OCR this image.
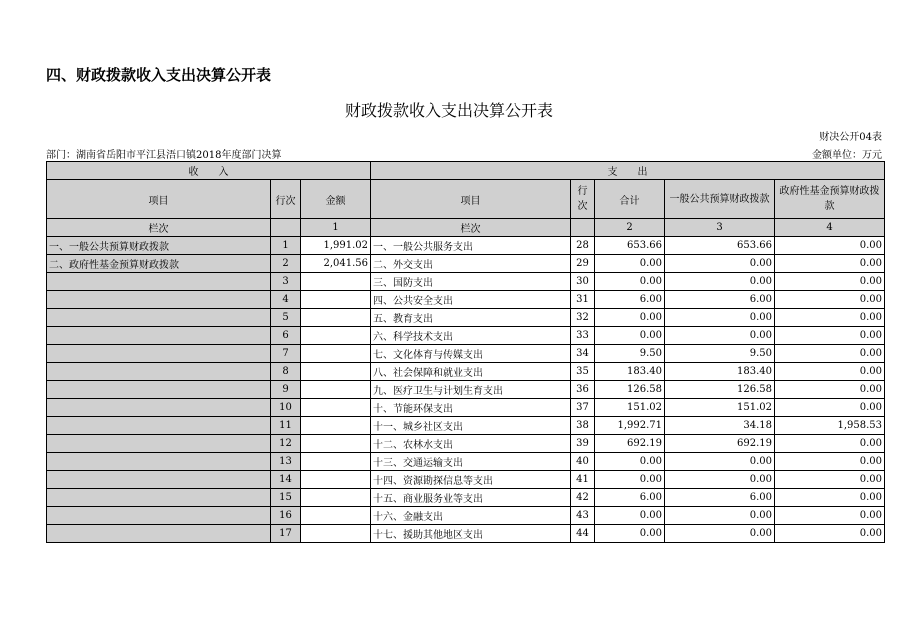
四、财政拨款收入支出决算公开表
财政拨款收入支出决算公开表
财决公开04表
部门：湖南省岳阳市平江县浯口镇2018年度部门决算	金额单位：万元
收　　入			支　　出				
项目	行次	金额	项目	行次	合计	一般公共预算财政拨款	政府性基金预算财政拨款
栏次		1	栏次		2	3	4
一、一般公共预算财政拨款	1	1,991.02	一、一般公共服务支出	28	653.66	653.66	0.00
二、政府性基金预算财政拨款	2	2,041.56	二、外交支出	29	0.00	0.00	0.00
	3		三、国防支出	30	0.00	0.00	0.00
	4		四、公共安全支出	31	6.00	6.00	0.00
	5		五、教育支出	32	0.00	0.00	0.00
	6		六、科学技术支出	33	0.00	0.00	0.00
	7		七、文化体育与传媒支出	34	9.50	9.50	0.00
	8		八、社会保障和就业支出	35	183.40	183.40	0.00
	9		九、医疗卫生与计划生育支出	36	126.58	126.58	0.00
	10		十、节能环保支出	37	151.02	151.02	0.00
	11		十一、城乡社区支出	38	1,992.71	34.18	1,958.53
	12		十二、农林水支出	39	692.19	692.19	0.00
	13		十三、交通运输支出	40	0.00	0.00	0.00
	14		十四、资源勘探信息等支出	41	0.00	0.00	0.00
	15		十五、商业服务业等支出	42	6.00	6.00	0.00
	16		十六、金融支出	43	0.00	0.00	0.00
	17		十七、援助其他地区支出	44	0.00	0.00	0.00
